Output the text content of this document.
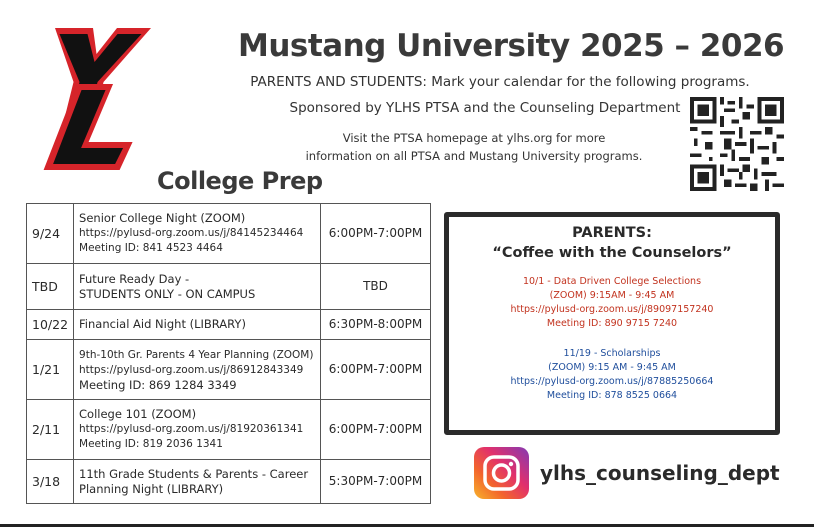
Mustang University 2025 – 2026
PARENTS AND STUDENTS: Mark your calendar for the following programs.
Sponsored by YLHS PTSA and the Counseling Department
Visit the PTSA homepage at ylhs.org for more
information on all PTSA and Mustang University programs.
College Prep
9/24	Senior College Night (ZOOM)
https://pylusd-org.zoom.us/j/84145234464
Meeting ID: 841 4523 4464	6:00PM-7:00PM
TBD	Future Ready Day -
STUDENTS ONLY - ON CAMPUS	TBD
10/22	Financial Aid Night (LIBRARY)	6:30PM-8:00PM
1/21	9th-10th Gr. Parents 4 Year Planning (ZOOM)
https://pylusd-org.zoom.us/j/86912843349
Meeting ID: 869 1284 3349	6:00PM-7:00PM
2/11	College 101 (ZOOM)
https://pylusd-org.zoom.us/j/81920361341
Meeting ID: 819 2036 1341	6:00PM-7:00PM
3/18	11th Grade Students & Parents - Career
Planning Night (LIBRARY)	5:30PM-7:00PM
PARENTS:
“Coffee with the Counselors”
10/1 - Data Driven College Selections
(ZOOM) 9:15AM - 9:45 AM
https://pylusd-org.zoom.us/j/89097157240
Meeting ID: 890 9715 7240
11/19 - Scholarships
(ZOOM) 9:15 AM - 9:45 AM
https://pylusd-org.zoom.us/j/87885250664
Meeting ID: 878 8525 0664
ylhs_counseling_dept
